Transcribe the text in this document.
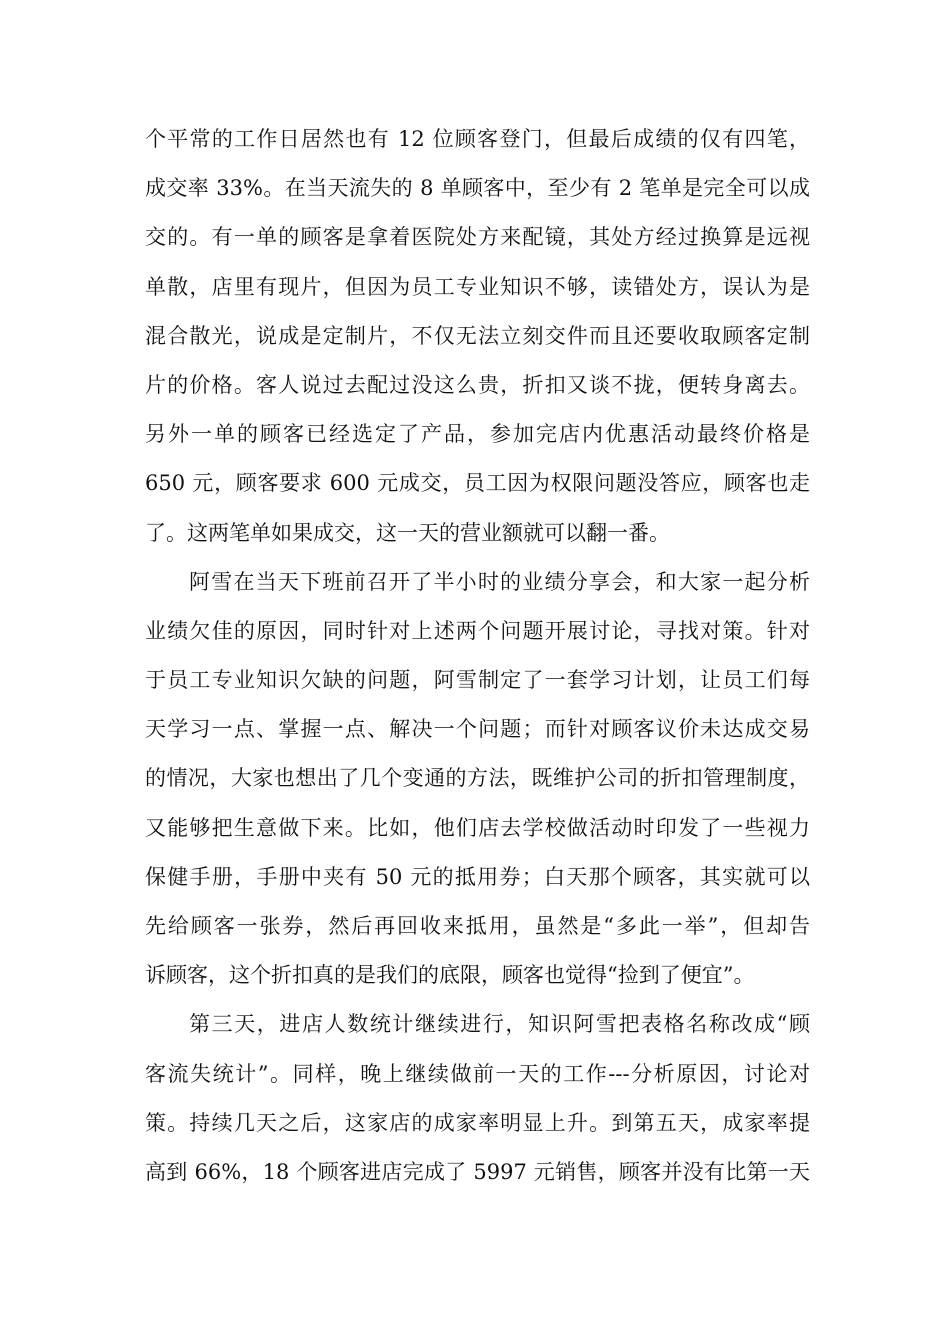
个平常的工作日居然也有 12 位顾客登门，但最后成绩的仅有四笔，
成交率 33%。在当天流失的 8 单顾客中，至少有 2 笔单是完全可以成
交的。有一单的顾客是拿着医院处方来配镜，其处方经过换算是远视
单散，店里有现片，但因为员工专业知识不够，读错处方，误认为是
混合散光，说成是定制片，不仅无法立刻交件而且还要收取顾客定制
片的价格。客人说过去配过没这么贵，折扣又谈不拢，便转身离去。
另外一单的顾客已经选定了产品，参加完店内优惠活动最终价格是
650 元，顾客要求 600 元成交，员工因为权限问题没答应，顾客也走
了。这两笔单如果成交，这一天的营业额就可以翻一番。
阿雪在当天下班前召开了半小时的业绩分享会，和大家一起分析
业绩欠佳的原因，同时针对上述两个问题开展讨论，寻找对策。针对
于员工专业知识欠缺的问题，阿雪制定了一套学习计划，让员工们每
天学习一点、掌握一点、解决一个问题；而针对顾客议价未达成交易
的情况，大家也想出了几个变通的方法，既维护公司的折扣管理制度，
又能够把生意做下来。比如，他们店去学校做活动时印发了一些视力
保健手册，手册中夹有 50 元的抵用券；白天那个顾客，其实就可以
先给顾客一张券，然后再回收来抵用，虽然是“多此一举”，但却告
诉顾客，这个折扣真的是我们的底限，顾客也觉得“捡到了便宜”。
第三天，进店人数统计继续进行，知识阿雪把表格名称改成“顾
客流失统计”。同样，晚上继续做前一天的工作---分析原因，讨论对
策。持续几天之后，这家店的成家率明显上升。到第五天，成家率提
高到 66%，18 个顾客进店完成了 5997 元销售，顾客并没有比第一天
